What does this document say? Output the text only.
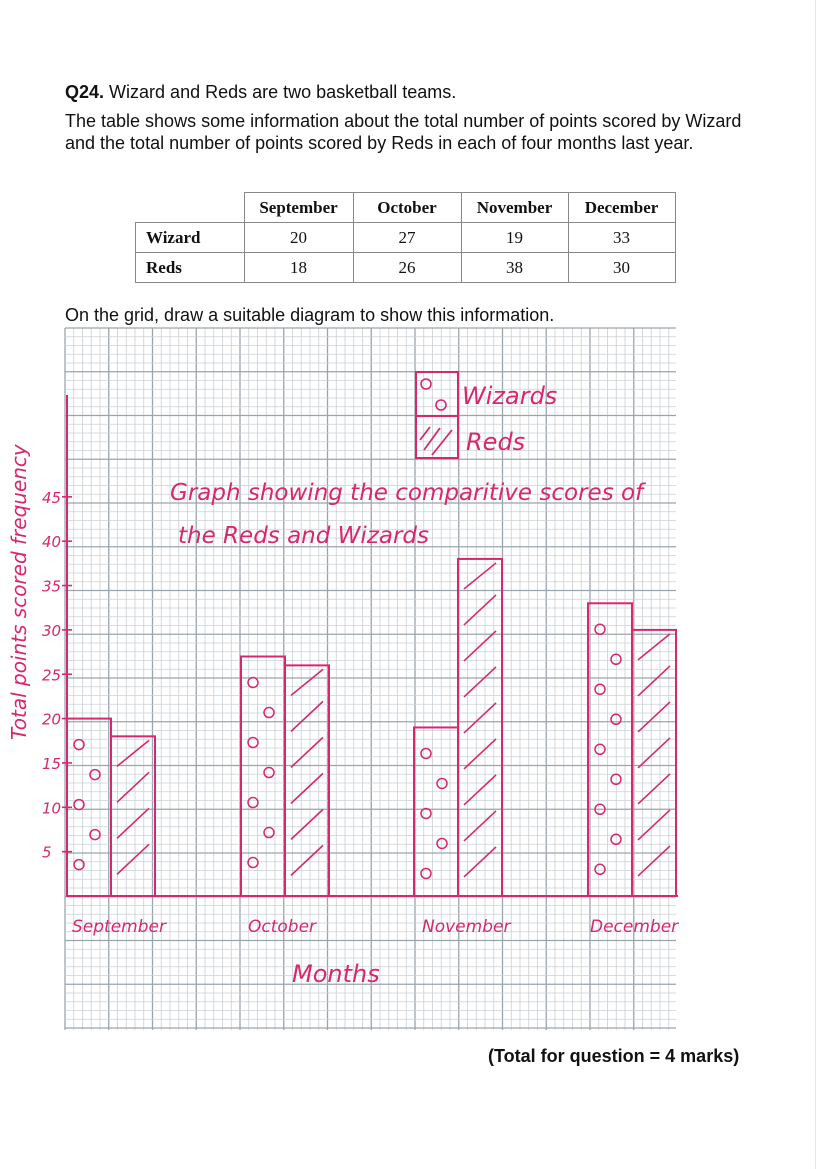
Q24. Wizard and Reds are two basketball teams.
The table shows some information about the total number of points scored by Wizard and the total number of points scored by Reds in each of four months last year.
	September	October	November	December
Wizard	20	27	19	33
Reds	18	26	38	30
On the grid, draw a suitable diagram to show this information.
Wizards
Reds
Graph showing the comparitive scores of
the Reds and Wizards
5
10
15
20
25
30
35
40
45
Total points scored frequency
September	October	November	December
Months
(Total for question = 4 marks)
